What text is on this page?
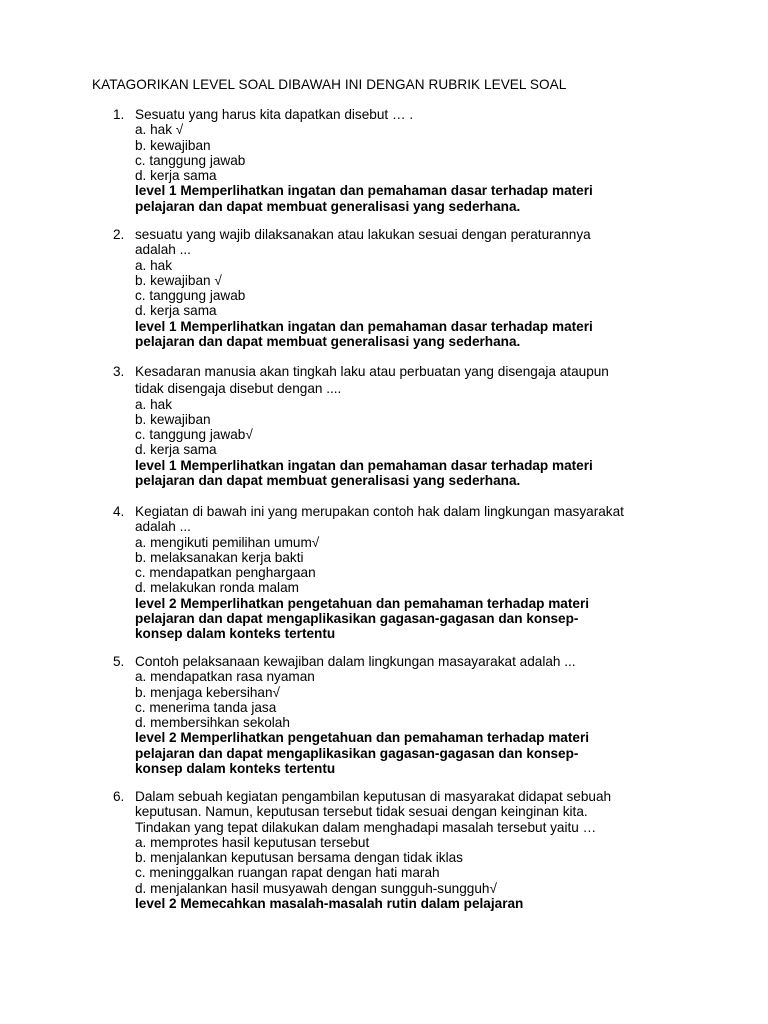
KATAGORIKAN LEVEL SOAL DIBAWAH INI DENGAN RUBRIK LEVEL SOAL
1. Sesuatu yang harus kita dapatkan disebut … .
a. hak √
b. kewajiban
c. tanggung jawab
d. kerja sama
level 1 Memperlihatkan ingatan dan pemahaman dasar terhadap materi
pelajaran dan dapat membuat generalisasi yang sederhana.
2. sesuatu yang wajib dilaksanakan atau lakukan sesuai dengan peraturannya
adalah ...
a. hak
b. kewajiban √
c. tanggung jawab
d. kerja sama
level 1 Memperlihatkan ingatan dan pemahaman dasar terhadap materi
pelajaran dan dapat membuat generalisasi yang sederhana.
3. Kesadaran manusia akan tingkah laku atau perbuatan yang disengaja ataupun
tidak disengaja disebut dengan ....
a. hak
b. kewajiban
c. tanggung jawab√
d. kerja sama
level 1 Memperlihatkan ingatan dan pemahaman dasar terhadap materi
pelajaran dan dapat membuat generalisasi yang sederhana.
4. Kegiatan di bawah ini yang merupakan contoh hak dalam lingkungan masyarakat
adalah ...
a. mengikuti pemilihan umum√
b. melaksanakan kerja bakti
c. mendapatkan penghargaan
d. melakukan ronda malam
level 2 Memperlihatkan pengetahuan dan pemahaman terhadap materi
pelajaran dan dapat mengaplikasikan gagasan-gagasan dan konsep-
konsep dalam konteks tertentu
5. Contoh pelaksanaan kewajiban dalam lingkungan masayarakat adalah ...
a. mendapatkan rasa nyaman
b. menjaga kebersihan√
c. menerima tanda jasa
d. membersihkan sekolah
level 2 Memperlihatkan pengetahuan dan pemahaman terhadap materi
pelajaran dan dapat mengaplikasikan gagasan-gagasan dan konsep-
konsep dalam konteks tertentu
6. Dalam sebuah kegiatan pengambilan keputusan di masyarakat didapat sebuah
keputusan. Namun, keputusan tersebut tidak sesuai dengan keinginan kita.
Tindakan yang tepat dilakukan dalam menghadapi masalah tersebut yaitu …
a. memprotes hasil keputusan tersebut
b. menjalankan keputusan bersama dengan tidak iklas
c. meninggalkan ruangan rapat dengan hati marah
d. menjalankan hasil musyawah dengan sungguh-sungguh√
level 2 Memecahkan masalah-masalah rutin dalam pelajaran
